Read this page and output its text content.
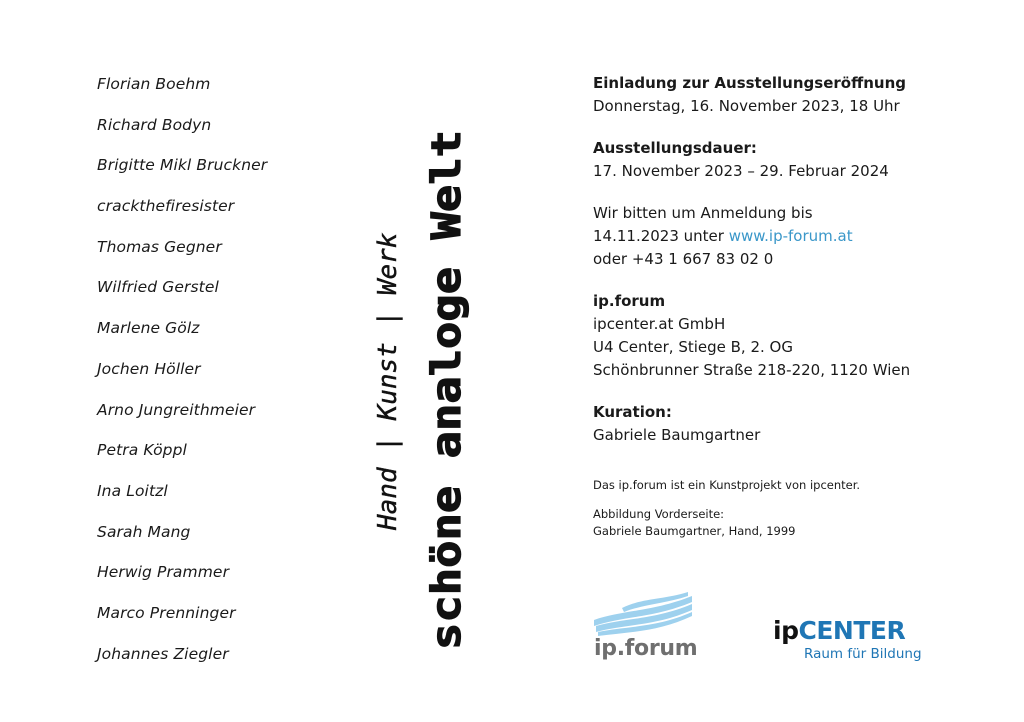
Florian Boehm
Richard Bodyn
Brigitte Mikl Bruckner
crackthefiresister
Thomas Gegner
Wilfried Gerstel
Marlene Gölz
Jochen Höller
Arno Jungreithmeier
Petra Köppl
Ina Loitzl
Sarah Mang
Herwig Prammer
Marco Prenninger
Johannes Ziegler
Hand | Kunst | Werk schöne analoge Welt
Einladung zur Ausstellungseröffnung
Donnerstag, 16. November 2023, 18 Uhr
Ausstellungsdauer:
17. November 2023 – 29. Februar 2024
Wir bitten um Anmeldung bis
14.11.2023 unter www.ip-forum.at
oder +43 1 667 83 02 0
ip.forum
ipcenter.at GmbH
U4 Center, Stiege B, 2. OG
Schönbrunner Straße 218-220, 1120 Wien
Kuration:
Gabriele Baumgartner
Das ip.forum ist ein Kunstprojekt von ipcenter.
Abbildung Vorderseite:
Gabriele Baumgartner, Hand, 1999
ip.forum
ipCENTER
Raum für Bildung
